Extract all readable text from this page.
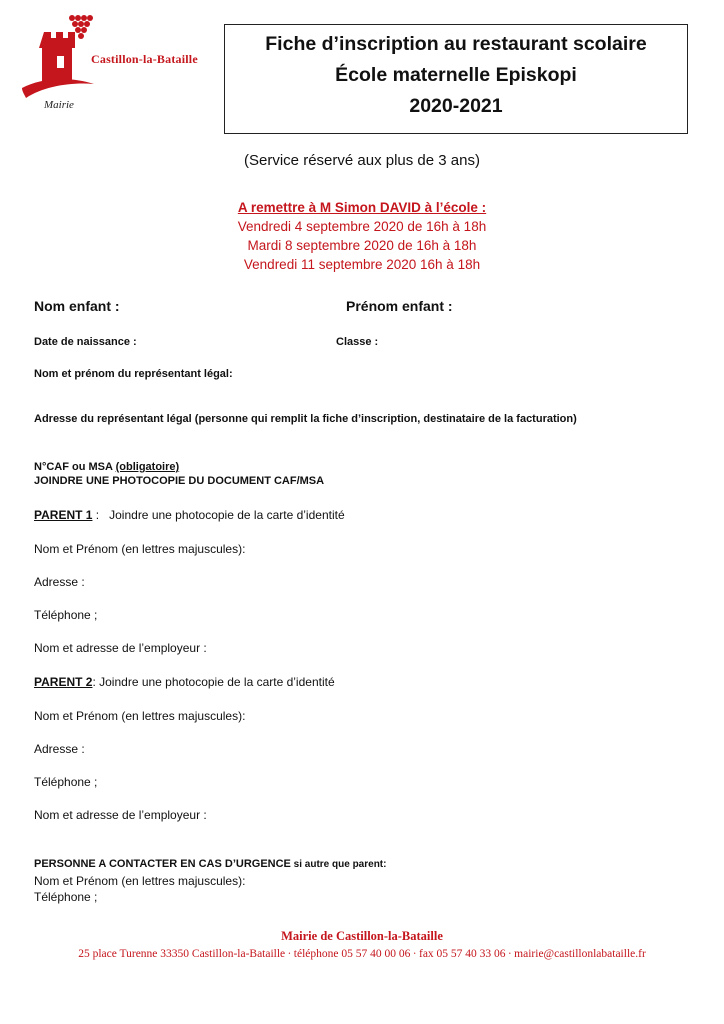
Castillon-la-Bataille
Mairie
Fiche d’inscription au restaurant scolaire
École maternelle Episkopi
2020-2021
(Service réservé aux plus de 3 ans)
A remettre à M Simon DAVID à l’école :
Vendredi 4 septembre 2020 de 16h à 18h
Mardi 8 septembre 2020 de 16h à 18h
Vendredi 11 septembre 2020 16h à 18h
Nom enfant :	Prénom enfant :
Date de naissance :	Classe :
Nom et prénom du représentant légal:
Adresse du représentant légal (personne qui remplit la fiche d’inscription, destinataire de la facturation)
N°CAF ou MSA (obligatoire)
JOINDRE UNE PHOTOCOPIE DU DOCUMENT CAF/MSA
PARENT 1 :   Joindre une photocopie de la carte d’identité
Nom et Prénom (en lettres majuscules):
Adresse :
Téléphone ;
Nom et adresse de l’employeur :
PARENT 2: Joindre une photocopie de la carte d’identité
Nom et Prénom (en lettres majuscules):
Adresse :
Téléphone ;
Nom et adresse de l’employeur :
PERSONNE A CONTACTER EN CAS D’URGENCE si autre que parent:
Nom et Prénom (en lettres majuscules):
Téléphone ;
Mairie de Castillon-la-Bataille
25 place Turenne 33350 Castillon-la-Bataille ∙ téléphone 05 57 40 00 06 ∙ fax 05 57 40 33 06 ∙ mairie@castillonlabataille.fr
